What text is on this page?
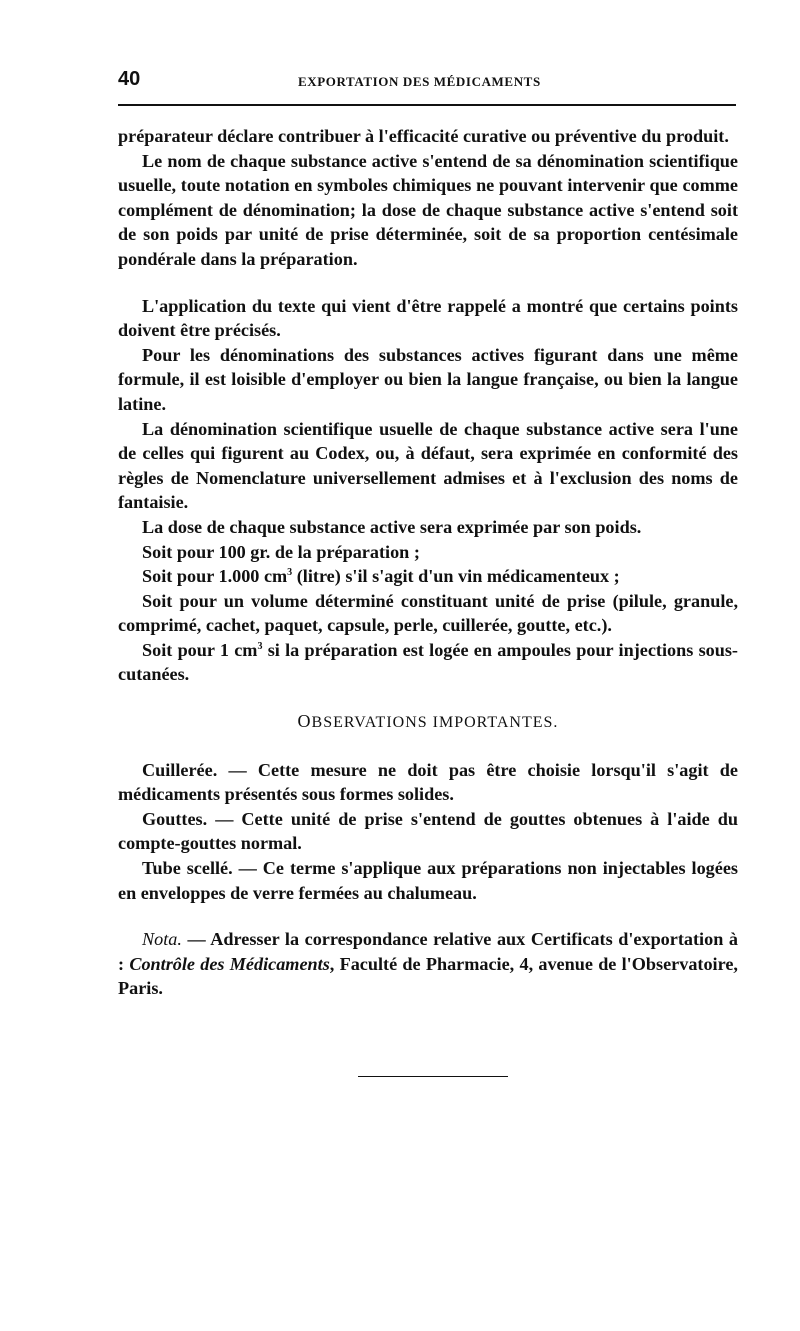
40	EXPORTATION DES MÉDICAMENTS

préparateur déclare contribuer à l'efficacité curative ou préventive du produit.

Le nom de chaque substance active s'entend de sa dénomination scientifique usuelle, toute notation en symboles chimiques ne pouvant intervenir que comme complément de dénomination; la dose de chaque substance active s'entend soit de son poids par unité de prise déterminée, soit de sa proportion centésimale pondérale dans la préparation.

L'application du texte qui vient d'être rappelé a montré que certains points doivent être précisés.

Pour les dénominations des substances actives figurant dans une même formule, il est loisible d'employer ou bien la langue française, ou bien la langue latine.

La dénomination scientifique usuelle de chaque substance active sera l'une de celles qui figurent au Codex, ou, à défaut, sera exprimée en conformité des règles de Nomenclature universellement admises et à l'exclusion des noms de fantaisie.

La dose de chaque substance active sera exprimée par son poids.

Soit pour 100 gr. de la préparation ;

Soit pour 1.000 $cm^3$ (litre) s'il s'agit d'un vin médicamenteux ;

Soit pour un volume déterminé constituant unité de prise (pilule, granule, comprimé, cachet, paquet, capsule, perle, cuillerée, goutte, etc.).

Soit pour 1 $cm^3$ si la préparation est logée en ampoules pour injections sous-cutanées.

OBSERVATIONS IMPORTANTES.

Cuillerée. — Cette mesure ne doit pas être choisie lorsqu'il s'agit de médicaments présentés sous formes solides.

Gouttes. — Cette unité de prise s'entend de gouttes obtenues à l'aide du compte-gouttes normal.

Tube scellé. — Ce terme s'applique aux préparations non injectables logées en enveloppes de verre fermées au chalumeau.

Nota. — Adresser la correspondance relative aux Certificats d'exportation à : Contrôle des Médicaments, Faculté de Pharmacie, 4, avenue de l'Observatoire, Paris.
